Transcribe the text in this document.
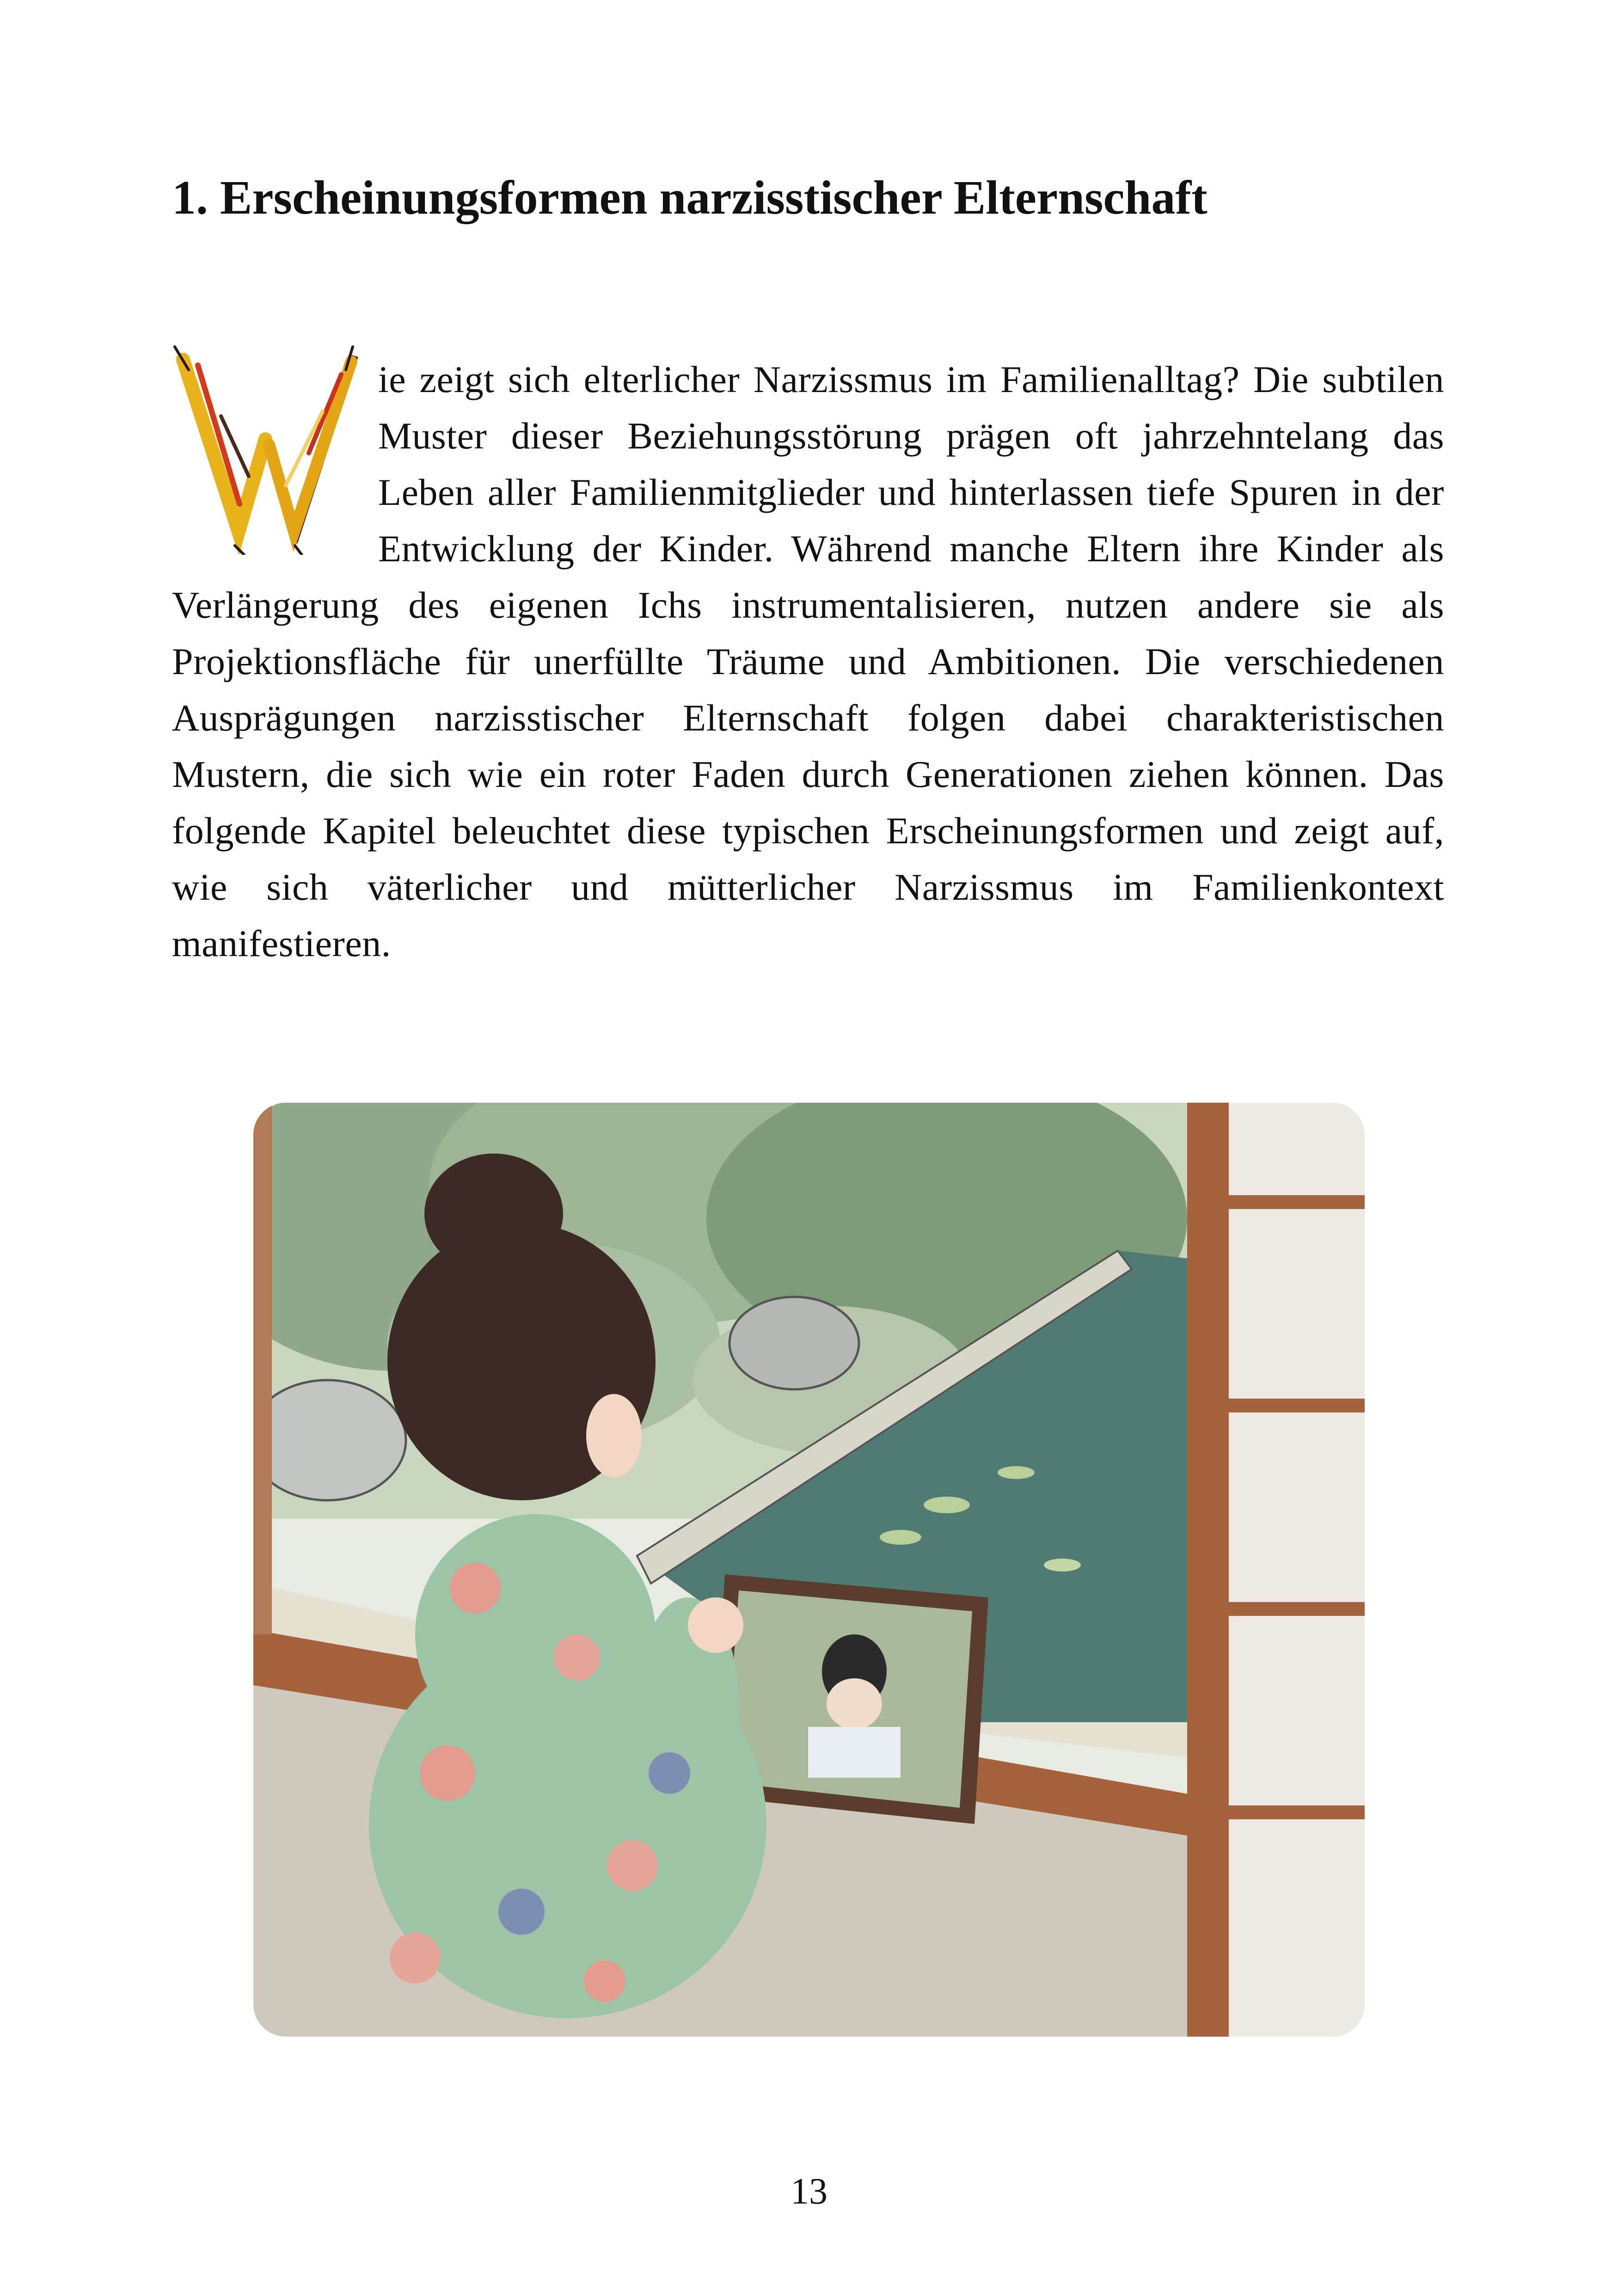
1. Erscheinungsformen narzisstischer Elternschaft
ie zeigt sich elterlicher Narzissmus im Familienalltag? Die subtilen Muster dieser Beziehungsstörung prägen oft jahrzehntelang das Leben aller Familienmitglieder und hinterlassen tiefe Spuren in der Entwicklung der Kinder. Während manche Eltern ihre Kinder als Verlängerung des eigenen Ichs instrumentalisieren, nutzen andere sie als Projektionsfläche für unerfüllte Träume und Ambitionen. Die verschiedenen Ausprägungen narzisstischer Elternschaft folgen dabei charakteristischen Mustern, die sich wie ein roter Faden durch Generationen ziehen können. Das folgende Kapitel beleuchtet diese typischen Erscheinungsformen und zeigt auf, wie sich väterlicher und mütterlicher Narzissmus im Familienkontext manifestieren.
13
